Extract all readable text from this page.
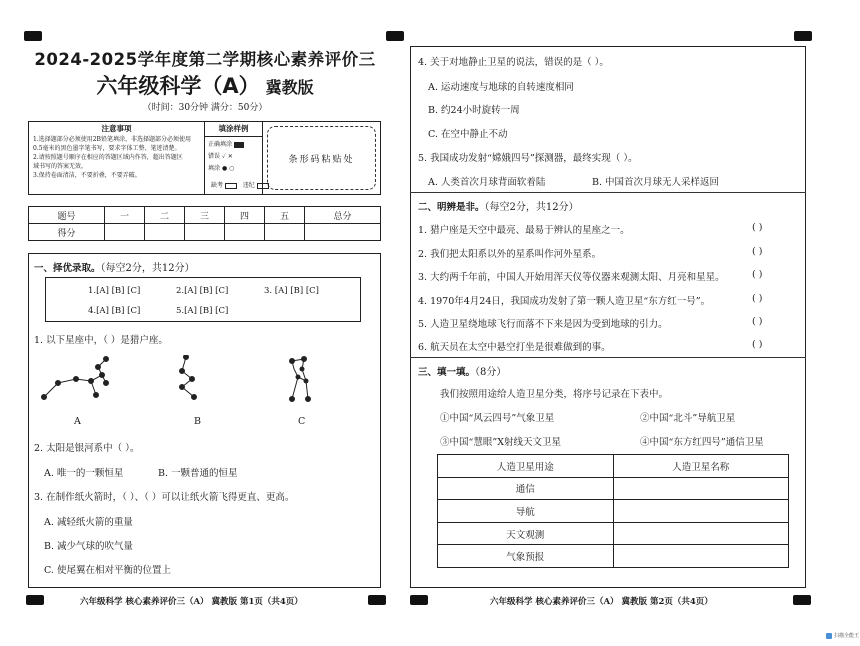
2024-2025学年度第二学期核心素养评价三
六年级科学（A） 冀教版
（时间：30分钟 满分：50分）
注意事项
1.选择题部分必须使用2B铅笔填涂，非选择题部分必须使用
0.5毫米的黑色墨字笔书写，要求字体工整、笔迹清楚。
2.请按照题号顺序在相应的答题区域内作答，超出答题区
域书写的答案无效。
3.保持卷面清洁，不要折叠，不要弄破。
填涂样例
正确填涂
错误 ✓ ✕
填涂 ● ○
条形码粘贴处
缺考	违纪
题号	一	二	三	四	五	总分
得分						
一、择优录取。（每空2分，共12分）
1.[A] [B] [C]	2.[A] [B] [C]	3. [A] [B] [C]
4.[A] [B] [C]	5.[A] [B] [C]
1. 以下星座中，（ ）是猎户座。
A	B	C
2. 太阳是银河系中（ ）。
A. 唯一的一颗恒星	B. 一颗普通的恒星
3. 在制作纸火箭时，（ ）、（ ）可以让纸火箭飞得更直、更高。
A. 减轻纸火箭的重量
B. 减少气球的吹气量
C. 使尾翼在相对平衡的位置上
六年级科学 核心素养评价三（A） 冀教版 第1页（共4页）
4. 关于对地静止卫星的说法，错误的是（ ）。
A. 运动速度与地球的自转速度相同
B. 约24小时旋转一周
C. 在空中静止不动
5. 我国成功发射“嫦娥四号”探测器，最终实现（ ）。
A. 人类首次月球背面软着陆	B. 中国首次月球无人采样返回
二、明辨是非。（每空2分，共12分）
1. 猎户座是天空中最亮、最易于辨认的星座之一。	( )
2. 我们把太阳系以外的星系叫作河外星系。	( )
3. 大约两千年前，中国人开始用浑天仪等仪器来观测太阳、月亮和星星。	( )
4. 1970年4月24日，我国成功发射了第一颗人造卫星“东方红一号”。	( )
5. 人造卫星绕地球飞行而落不下来是因为受到地球的引力。	( )
6. 航天员在太空中悬空打坐是很难做到的事。	( )
三、填一填。（8分）
我们按照用途给人造卫星分类，将序号记录在下表中。
①中国“风云四号”气象卫星	②中国“北斗”导航卫星
③中国“慧眼”X射线天文卫星	④中国“东方红四号”通信卫星
人造卫星用途	人造卫星名称
通信	
导航	
天文观测	
气象预报	
六年级科学 核心素养评价三（A） 冀教版 第2页（共4页）
扫描全能王
